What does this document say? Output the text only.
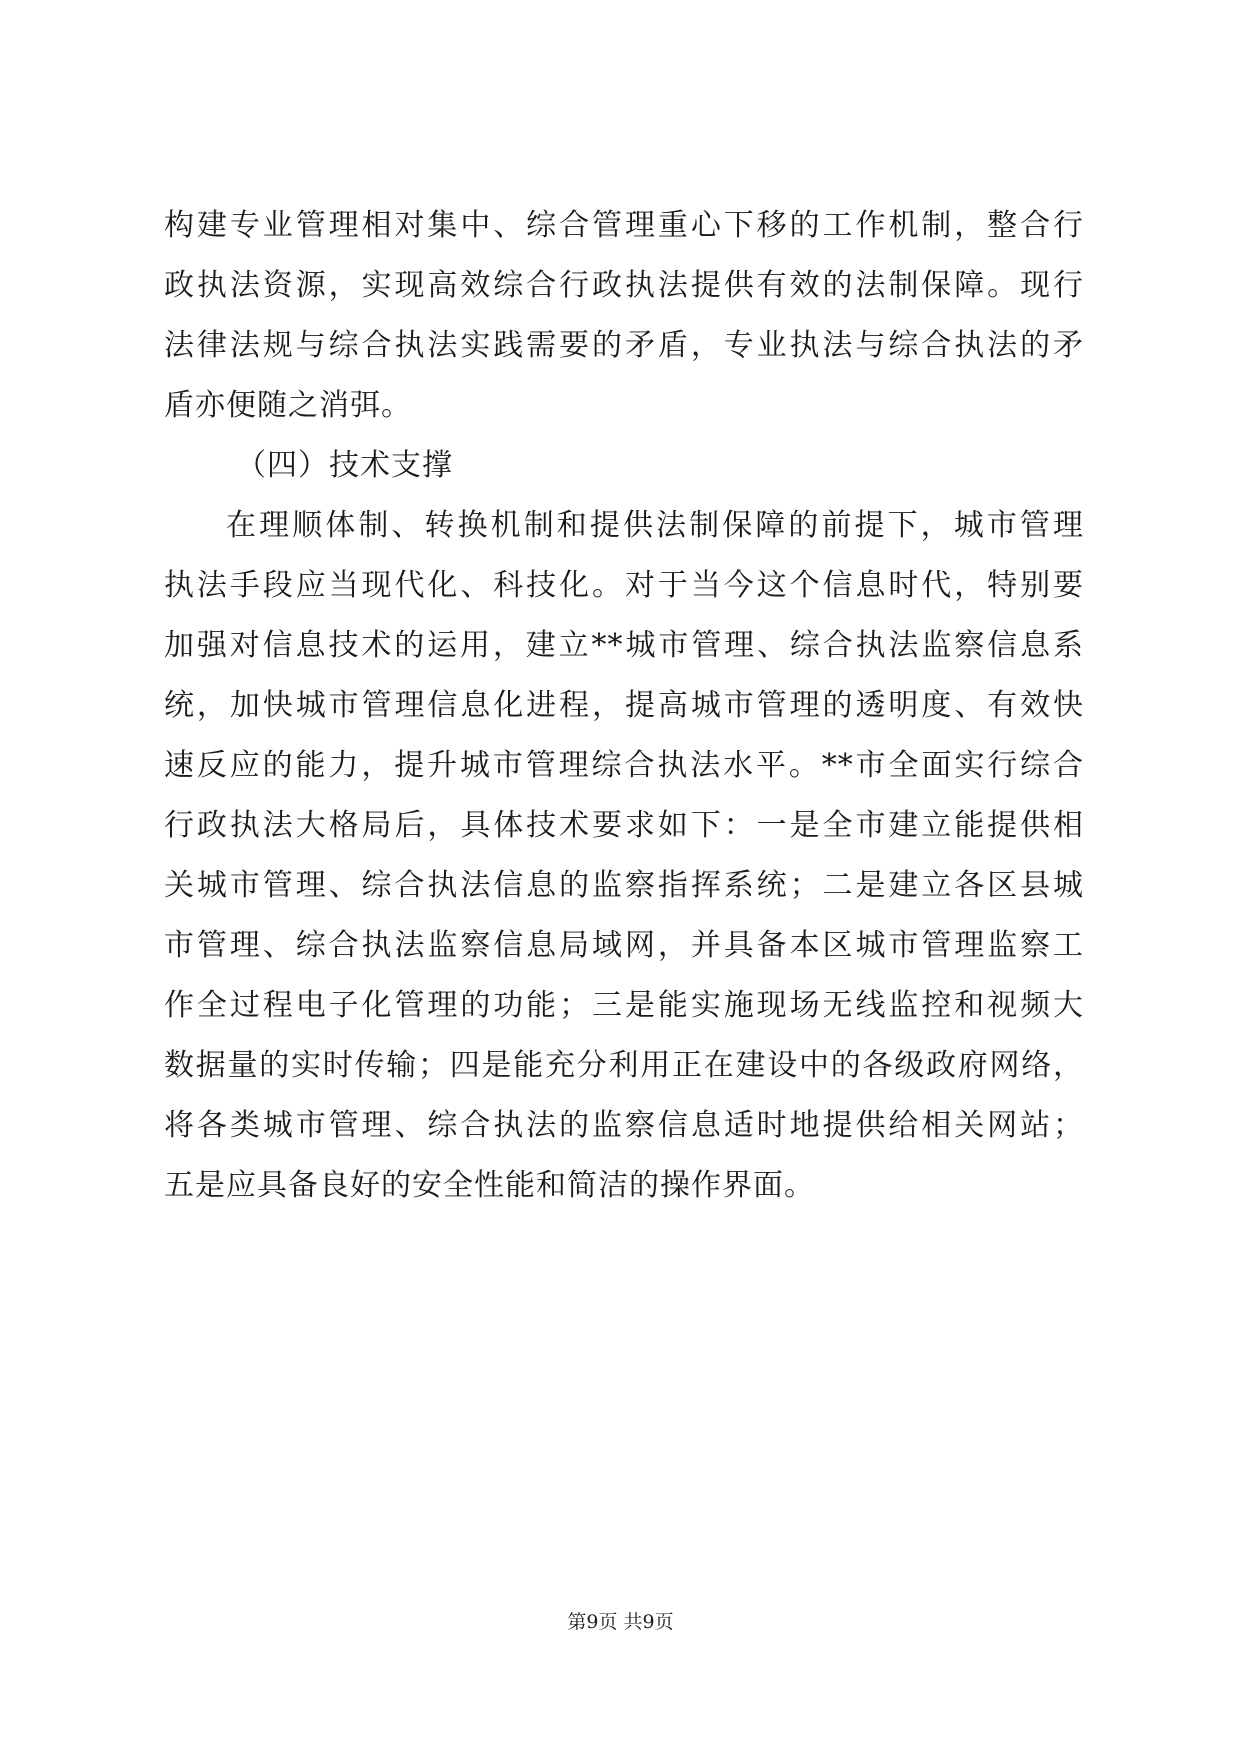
构建专业管理相对集中、综合管理重心下移的工作机制，整合行
政执法资源，实现高效综合行政执法提供有效的法制保障。现行
法律法规与综合执法实践需要的矛盾，专业执法与综合执法的矛
盾亦便随之消弭。
（四）技术支撑
在理顺体制、转换机制和提供法制保障的前提下，城市管理
执法手段应当现代化、科技化。对于当今这个信息时代，特别要
加强对信息技术的运用，建立**城市管理、综合执法监察信息系
统，加快城市管理信息化进程，提高城市管理的透明度、有效快
速反应的能力，提升城市管理综合执法水平。**市全面实行综合
行政执法大格局后，具体技术要求如下：一是全市建立能提供相
关城市管理、综合执法信息的监察指挥系统；二是建立各区县城
市管理、综合执法监察信息局域网，并具备本区城市管理监察工
作全过程电子化管理的功能；三是能实施现场无线监控和视频大
数据量的实时传输；四是能充分利用正在建设中的各级政府网络，
将各类城市管理、综合执法的监察信息适时地提供给相关网站；
五是应具备良好的安全性能和简洁的操作界面。
第9页 共9页
